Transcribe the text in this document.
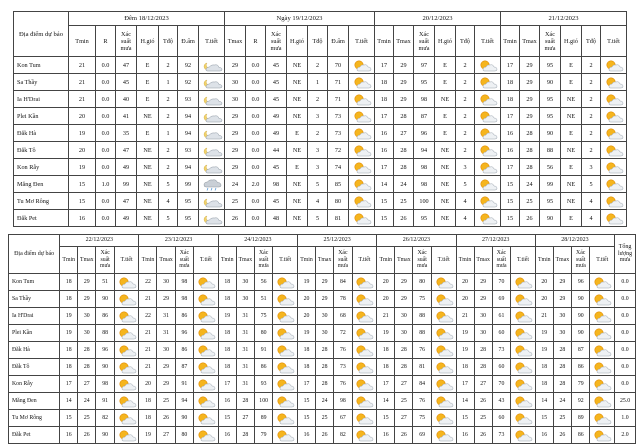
Địa điểm dự báo	Đêm 18/12/2023							Ngày 19/12/2023							20/12/2023						21/12/2023					
	Tmin	R	Xác suất mưa	H.gió	Tđộ	Đ.ẩm	T.tiết	Tmax	R	Xác suất mưa	H.gió	Tđộ	Đ.ẩm	T.tiết	Tmin	Tmax	Xác suất mưa	H.gió	Tđộ	T.tiết	Tmin	Tmax	Xác suất mưa	H.gió	Tđộ	T.tiết
Kon Tum	21	0.0	47	E	2	92		29	0.0	45	NE	2	70		17	29	97	E	2		17	29	95	E	2	

Sa Thầy	21	0.0	45	E	1	92		30	0.0	45	NE	1	71		18	29	95	E	2		18	29	90	E	2	

Ia H'Drai	21	0.0	40	E	2	93		30	0.0	45	NE	2	71		18	29	98	NE	2		18	29	95	NE	2	

Plei Kần	20	0.0	41	NE	2	94		29	0.0	49	NE	3	73		17	28	87	E	2		17	29	95	NE	2	

Đăk Hà	19	0.0	35	E	1	94		29	0.0	49	E	2	73		16	27	96	E	2		16	28	90	E	2	

Đăk Tô	20	0.0	47	NE	2	93		29	0.0	44	NE	3	72		16	28	94	NE	2		16	28	88	NE	2	

Kon Rẫy	19	0.0	49	NE	2	94		29	0.0	45	E	3	74		17	28	98	NE	3		17	28	56	E	3	

Măng Đen	15	1.0	99	NE	5	99		24	2.0	98	NE	5	85		14	24	98	NE	5		15	24	99	NE	5	

Tu Mơ Rông	15	0.0	47	NE	4	95		25	0.0	45	NE	4	80		15	25	100	NE	4		15	25	95	NE	4	

Đăk Pet	16	0.0	49	NE	5	95		26	0.0	48	NE	5	81		15	26	95	NE	4		15	26	90	E	4	
Địa điểm dự báo	22/12/2023				23/12/2023				24/12/2023				25/12/2023				26/12/2023				27/12/2023				28/12/2023				Tổng lượng mưa
	Tmin	Tmax	Xác suất mưa	T.tiết	Tmin	Tmax	Xác suất mưa	T.tiết	Tmin	Tmax	Xác suất mưa	T.tiết	Tmin	Tmax	Xác suất mưa	T.tiết	Tmin	Tmax	Xác suất mưa	T.tiết	Tmin	Tmax	Xác suất mưa	T.tiết	Tmin	Tmax	Xác suất mưa	T.tiết	
Kon Tum	18	29	51		22	30	98		18	30	56		19	29	84		20	29	80		20	29	70		20	29	96		0.0
Sa Thầy	18	29	90		21	29	98		18	30	51		20	29	78		20	29	75		20	29	69		20	29	90		0.0
Ia H'Drai	19	30	86		22	31	86		19	31	75		20	30	68		21	30	88		21	30	61		21	30	90		0.0
Plei Kần	19	30	88		21	31	96		18	31	80		19	30	72		19	30	88		19	30	60		19	30	90		0.0
Đăk Hà	18	28	96		21	30	86		18	31	91		18	28	76		18	28	76		19	28	73		19	28	87		0.0
Đăk Tô	18	28	90		21	29	87		18	31	86		18	28	73		18	28	81		18	28	60		18	28	86		0.0
Kon Rẫy	17	27	98		20	29	91		17	31	93		17	28	76		17	27	84		17	27	70		18	28	79		0.0
Măng Đen	14	24	91		18	25	94		16	28	100		15	24	98		14	25	76		14	26	43		14	24	92		25.0
Tu Mơ Rông	15	25	82		18	26	90		15	27	89		15	25	67		15	27	75		15	25	60		15	25	89		1.0
Đăk Pet	16	26	90		19	27	80		16	28	79		16	26	82		16	26	69		16	26	73		16	26	86		2.0
